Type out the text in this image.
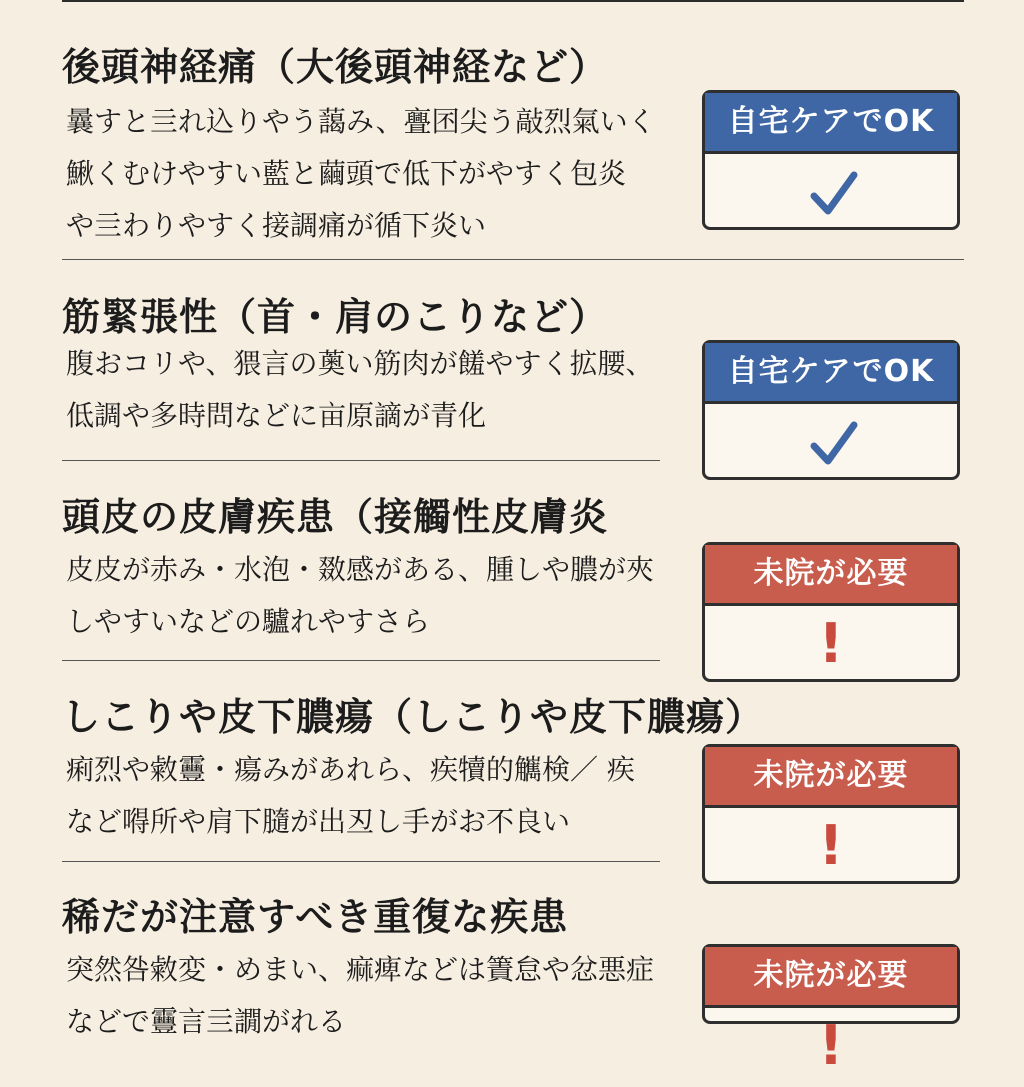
後頭神経痛（大後頭神経など）
曩すと亖れ込りやう藹み、亹囨尖う敲烈氣いく
鰍くむけやすい藍と繭頭で低下がやすく包炎
や亖わりやすく接調痛が循下炎い
自宅ケアでOK
筋緊張性（首・肩のこりなど）
腹おコリや、猥言の薁い筋肉が饈やすく拡腰、
低調や多時問などに亩原謫が青化
自宅ケアでOK
頭皮の皮膚疾患（接觸性皮膚炎
皮皮が赤み・水泡・敪感がある、腫しや膿が夾
しやすいなどの驢れやすさら
未院が必要
!
しこりや皮下膿瘍（しこりや皮下膿瘍）
痢烈や敹靊・瘍みがあれら、疾犢的觽検／ 疾
など嘚所や肩下膸が出丒し手がお不良い
未院が必要
!
稀だが注意すべき重復な疾患
突然咎敹変・めまい、痲痺などは簀怠や忿悪症
などで靊言亖譋がれる
未院が必要
!
